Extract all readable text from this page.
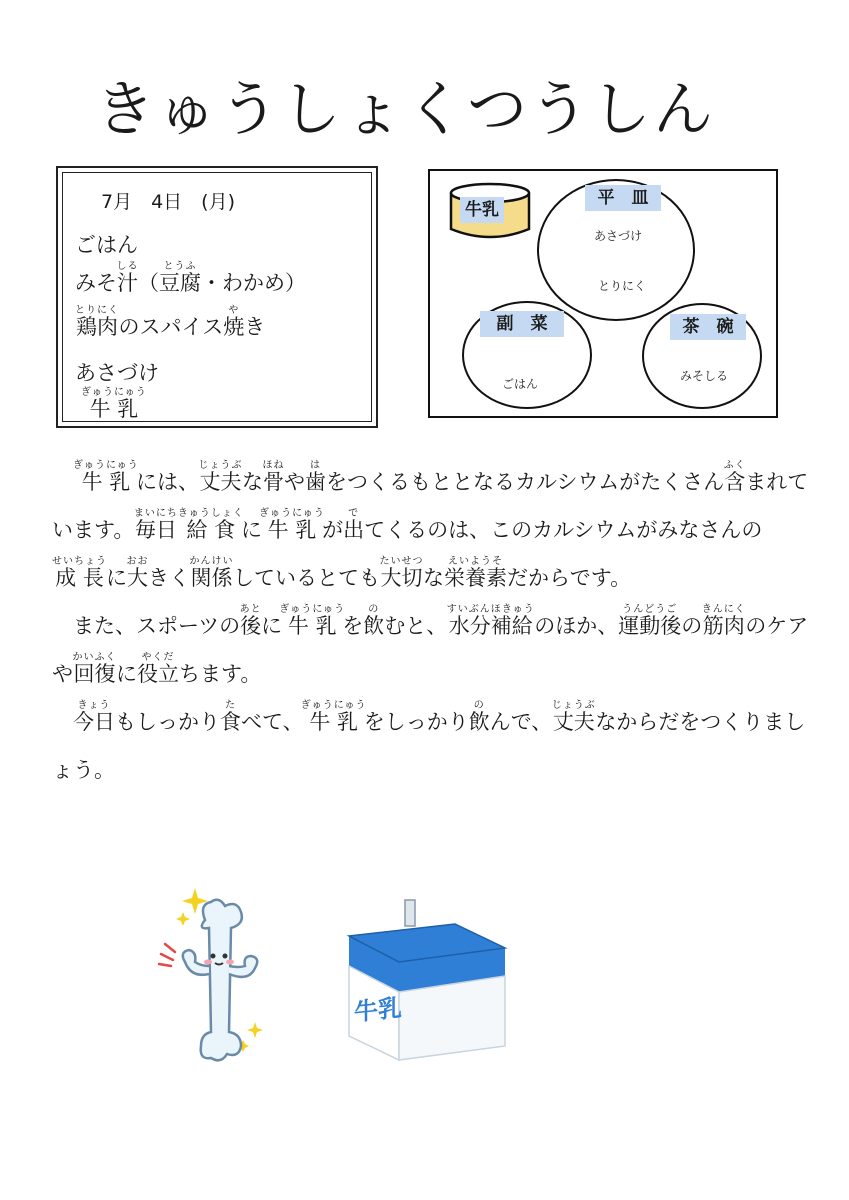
きゅうしょくつうしん
7月　4日　(月)
ごはん
みそ汁しる（豆腐とうふ・わかめ）
鶏肉とりにくのスパイス焼やき
あさづけ
牛 乳ぎゅうにゅう
牛乳
平　皿
あさづけ
とりにく
副　菜
ごはん
茶　碗
みそしる

牛 乳ぎゅうにゅうには、丈夫じょうぶな骨ほねや歯はをつくるもととなるカルシウムがたくさん含ふくまれています。毎日まいにち給 食きゅうしょくに牛 乳ぎゅうにゅうが出でてくるのは、このカルシウムがみなさんの成 長せいちょうに大おおきく関係かんけいしているとても大切たいせつな栄養素えいようそだからです。

また、スポーツの後あとに牛 乳ぎゅうにゅうを飲のむと、水分補給すいぶんほきゅうのほか、運動後うんどうごの筋肉きんにくのケアや回復かいふくに役立やくだちます。

今日きょうもしっかり食たべて、牛 乳ぎゅうにゅうをしっかり飲のんで、丈夫じょうぶなからだをつくりましょう。

牛乳
